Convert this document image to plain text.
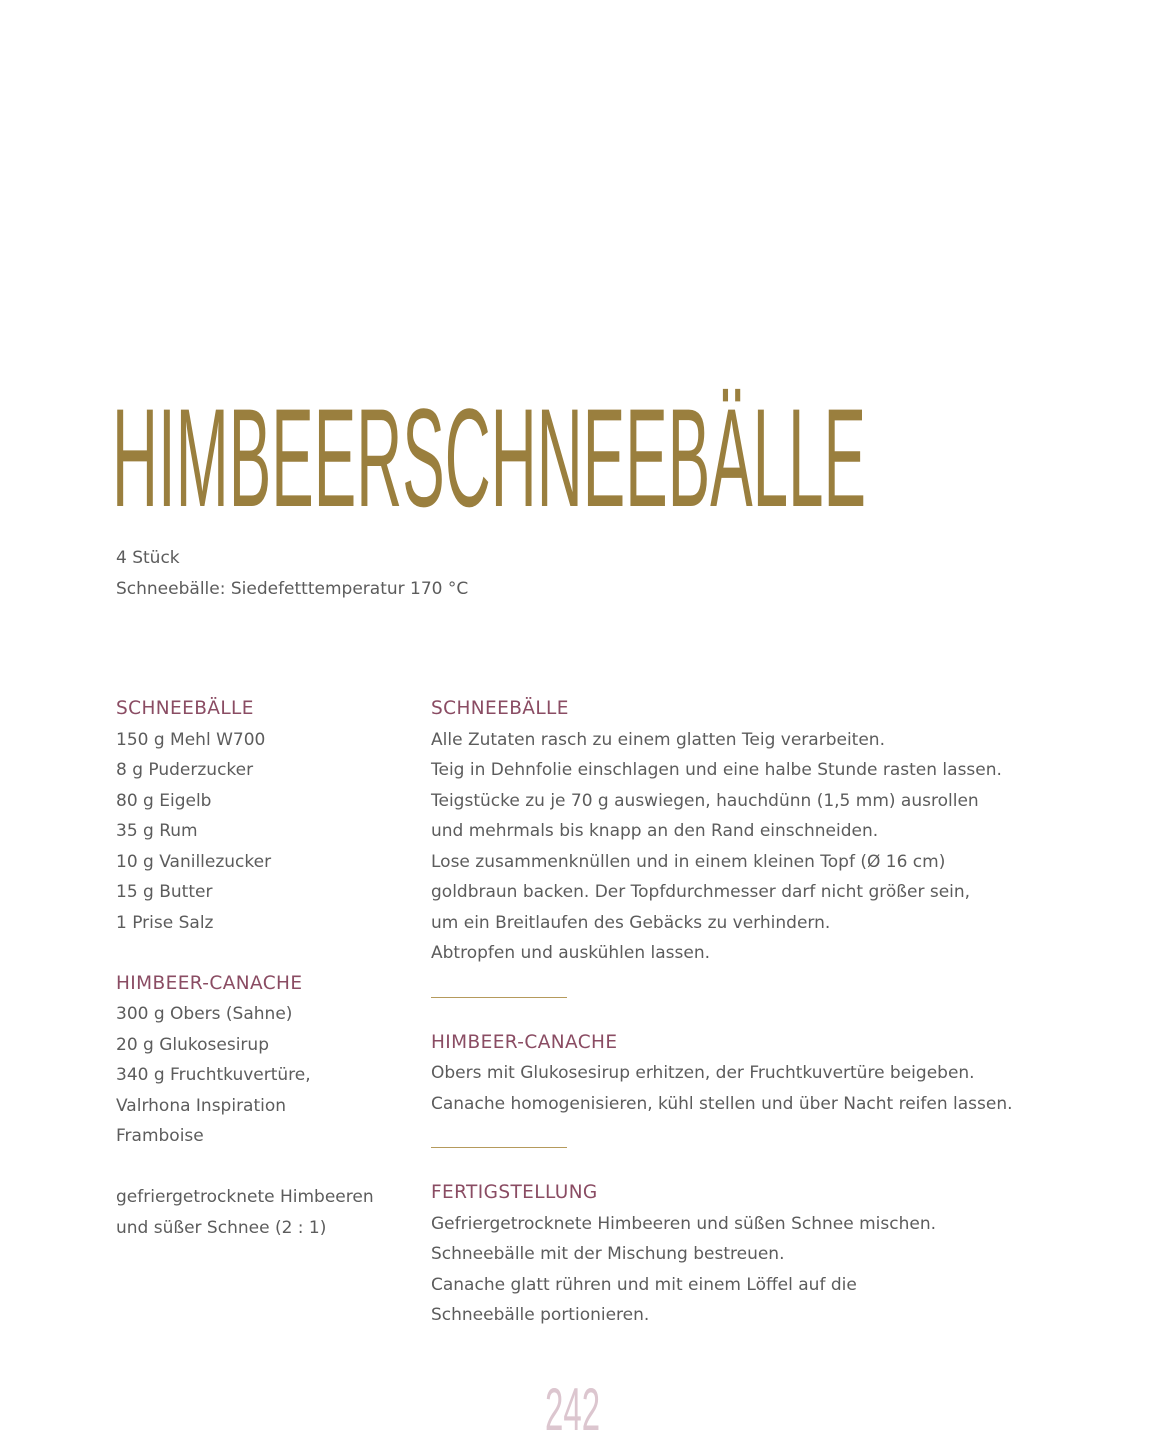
HIMBEERSCHNEEBÄLLE
4 Stück
Schneebälle: Siedefetttemperatur 170 °C
SCHNEEBÄLLE
150 g Mehl W700
8 g Puderzucker
80 g Eigelb
35 g Rum
10 g Vanillezucker
15 g Butter
1 Prise Salz
HIMBEER-CANACHE
300 g Obers (Sahne)
20 g Glukosesirup
340 g Fruchtkuvertüre,
Valrhona Inspiration
Framboise
gefriergetrocknete Himbeeren
und süßer Schnee (2 : 1)
SCHNEEBÄLLE
Alle Zutaten rasch zu einem glatten Teig verarbeiten.
Teig in Dehnfolie einschlagen und eine halbe Stunde rasten lassen.
Teigstücke zu je 70 g auswiegen, hauchdünn (1,5 mm) ausrollen
und mehrmals bis knapp an den Rand einschneiden.
Lose zusammenknüllen und in einem kleinen Topf (Ø 16 cm)
goldbraun backen. Der Topfdurchmesser darf nicht größer sein,
um ein Breitlaufen des Gebäcks zu verhindern.
Abtropfen und auskühlen lassen.
HIMBEER-CANACHE
Obers mit Glukosesirup erhitzen, der Fruchtkuvertüre beigeben.
Canache homogenisieren, kühl stellen und über Nacht reifen lassen.
FERTIGSTELLUNG
Gefriergetrocknete Himbeeren und süßen Schnee mischen.
Schneebälle mit der Mischung bestreuen.
Canache glatt rühren und mit einem Löffel auf die
Schneebälle portionieren.
242
